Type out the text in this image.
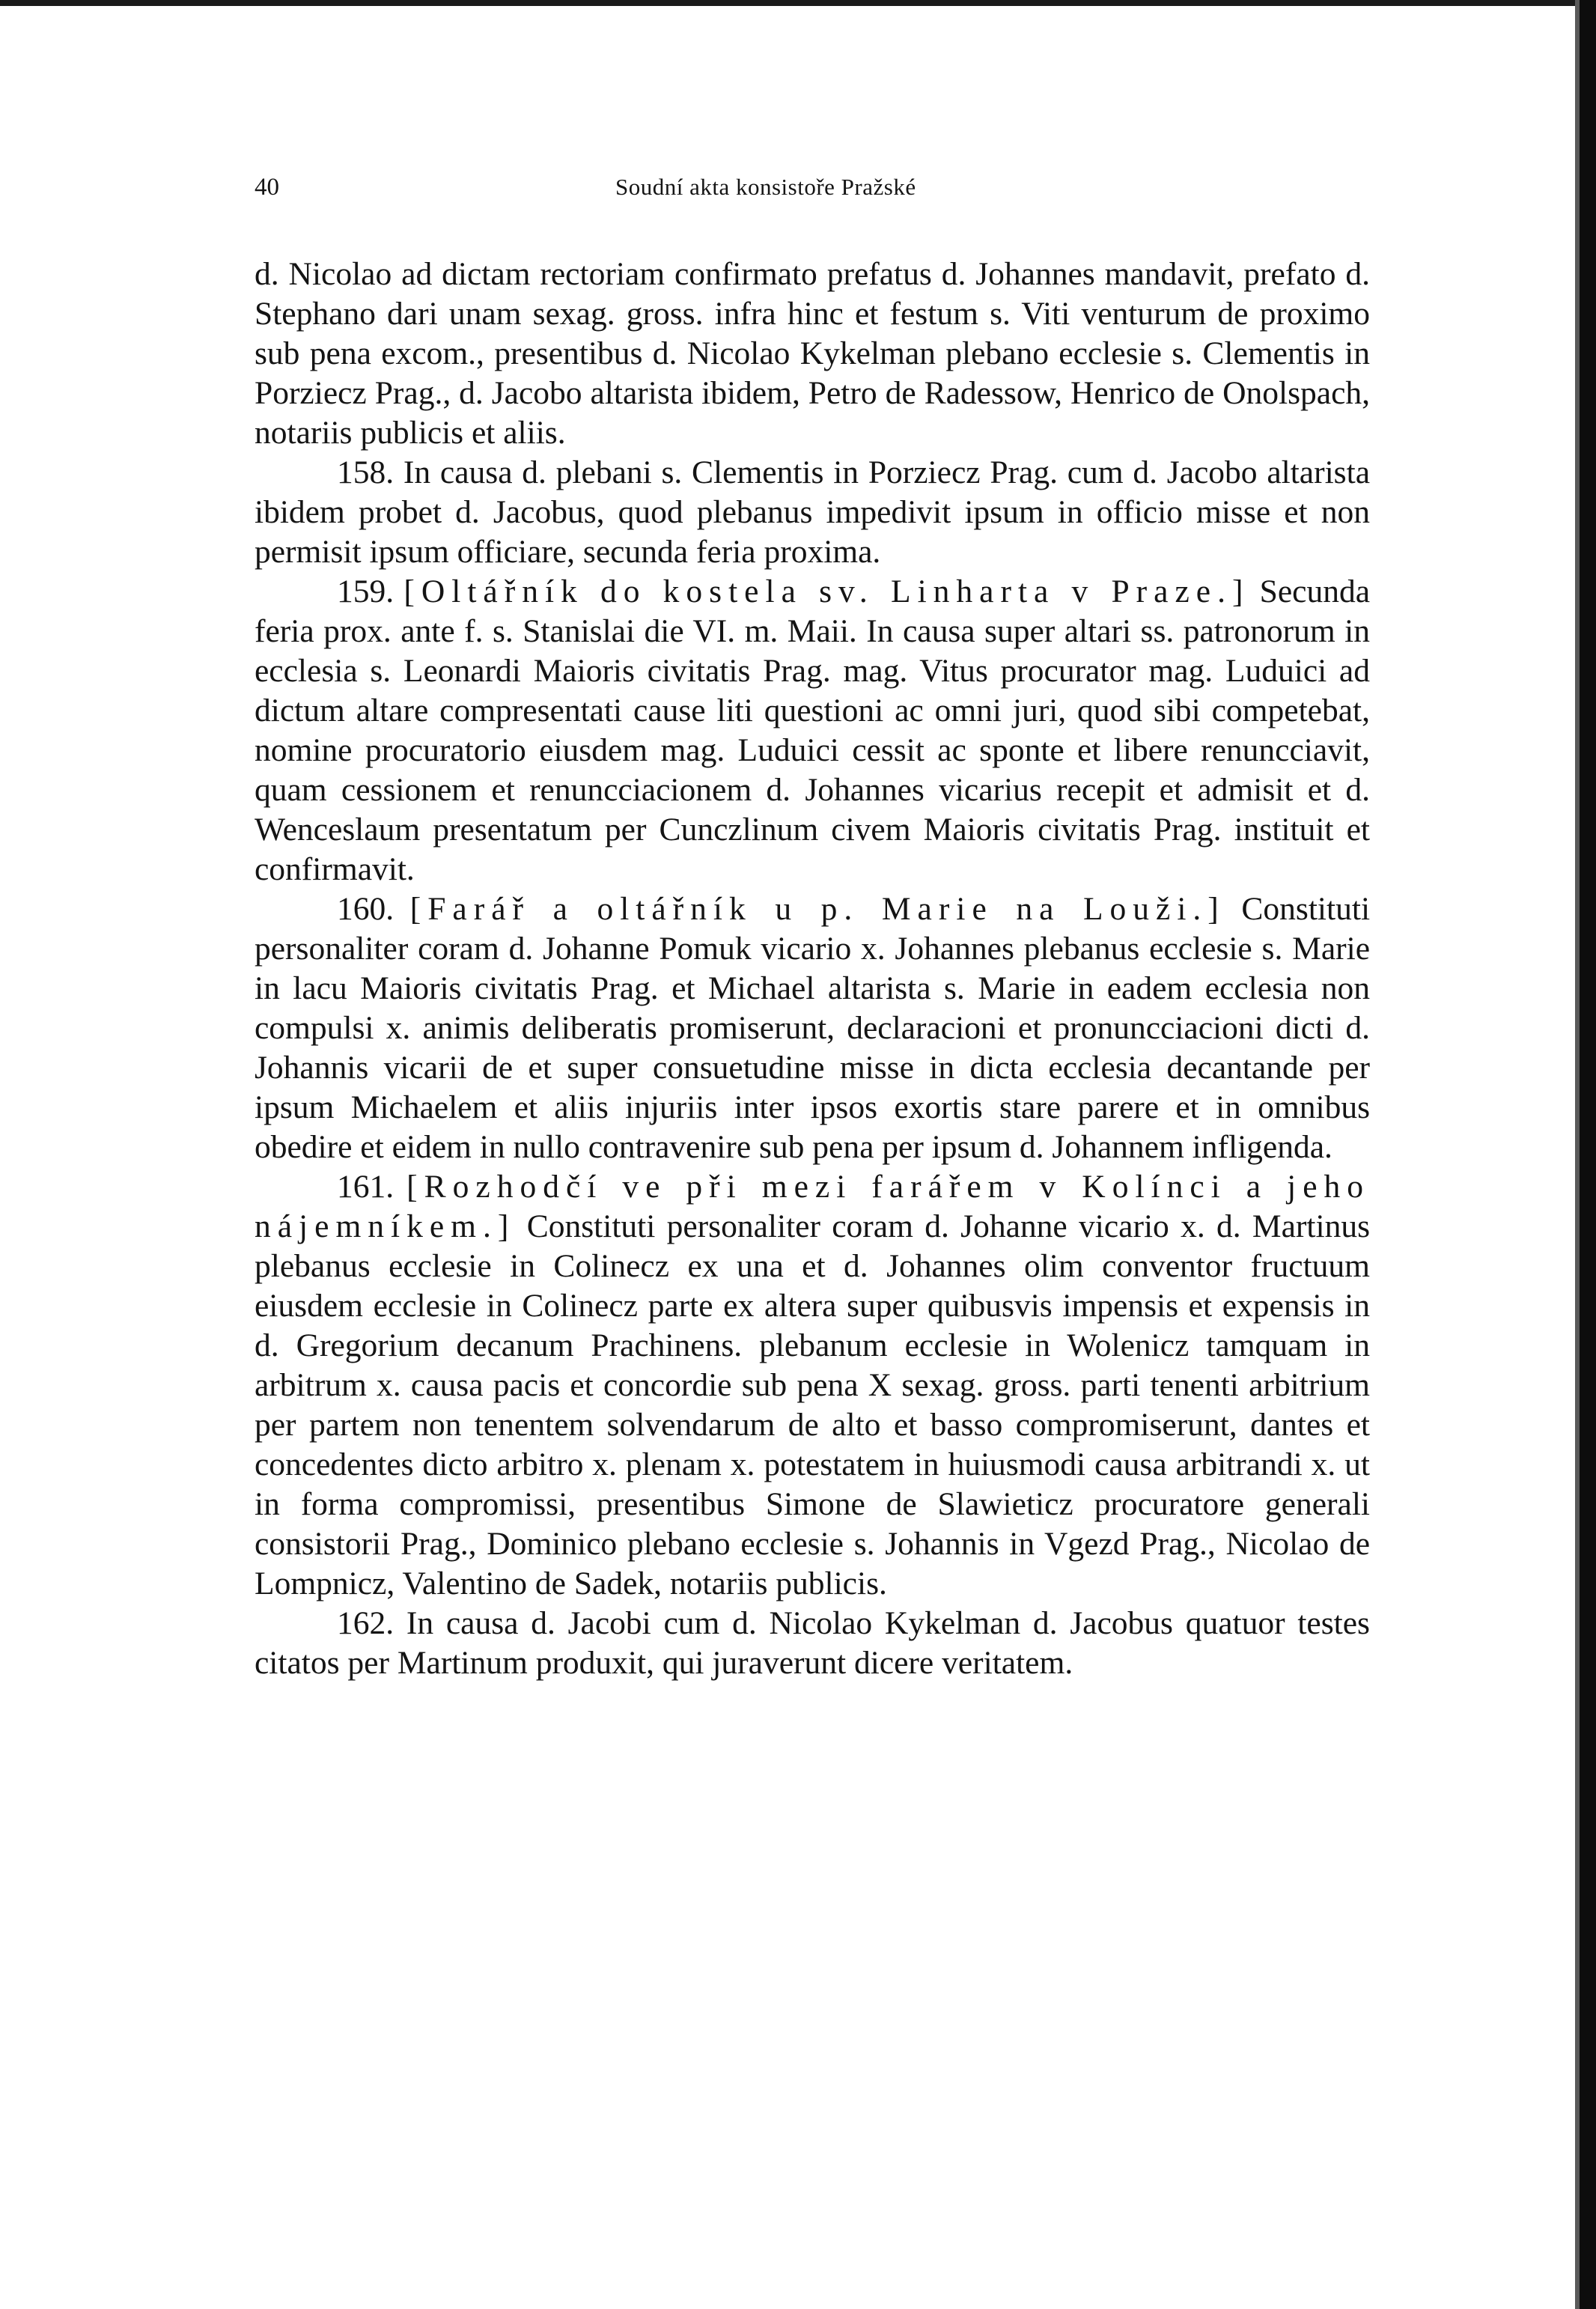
40	Soudní akta konsistoře Pražské

d. Nicolao ad dictam rectoriam confirmato prefatus d. Johannes mandavit, prefato d. Stephano dari unam sexag. gross. infra hinc et festum s. Viti venturum de proximo sub pena excom., presentibus d. Nicolao Kykelman plebano ecclesie s. Clementis in Porziecz Prag., d. Jacobo altarista ibidem, Petro de Radessow, Henrico de Onolspach, notariis publicis et aliis.

158. In causa d. plebani s. Clementis in Porziecz Prag. cum d. Jacobo altarista ibidem probet d. Jacobus, quod plebanus impedivit ipsum in officio misse et non permisit ipsum officiare, secunda feria proxima.

159. [Oltářník do kostela sv. Linharta v Praze.] Secunda feria prox. ante f. s. Stanislai die VI. m. Maii. In causa super altari ss. patronorum in ecclesia s. Leonardi Maioris civitatis Prag. mag. Vitus procurator mag. Luduici ad dictum altare compresentati cause liti questioni ac omni juri, quod sibi competebat, nomine procuratorio eiusdem mag. Luduici cessit ac sponte et libere renuncciavit, quam cessionem et renuncciacionem d. Johannes vicarius recepit et admisit et d. Wenceslaum presentatum per Cunczlinum civem Maioris civitatis Prag. instituit et confirmavit.

160. [Farář a oltářník u p. Marie na Louži.] Constituti personaliter coram d. Johanne Pomuk vicario x. Johannes plebanus ecclesie s. Marie in lacu Maioris civitatis Prag. et Michael altarista s. Marie in eadem ecclesia non compulsi x. animis deliberatis promiserunt, declaracioni et pronuncciacioni dicti d. Johannis vicarii de et super consuetudine misse in dicta ecclesia decantande per ipsum Michaelem et aliis injuriis inter ipsos exortis stare parere et in omnibus obedire et eidem in nullo contravenire sub pena per ipsum d. Johannem infligenda.

161. [Rozhodčí ve při mezi farářem v Kolínci a jeho nájemníkem.] Constituti personaliter coram d. Johanne vicario x. d. Martinus plebanus ecclesie in Colinecz ex una et d. Johannes olim conventor fructuum eiusdem ecclesie in Colinecz parte ex altera super quibusvis impensis et expensis in d. Gregorium decanum Prachinens. plebanum ecclesie in Wolenicz tamquam in arbitrum x. causa pacis et concordie sub pena X sexag. gross. parti tenenti arbitrium per partem non tenentem solvendarum de alto et basso compromiserunt, dantes et concedentes dicto arbitro x. plenam x. potestatem in huiusmodi causa arbitrandi x. ut in forma compromissi, presentibus Simone de Slawieticz procuratore generali consistorii Prag., Dominico plebano ecclesie s. Johannis in Vgezd Prag., Nicolao de Lompnicz, Valentino de Sadek, notariis publicis.

162. In causa d. Jacobi cum d. Nicolao Kykelman d. Jacobus quatuor testes citatos per Martinum produxit, qui juraverunt dicere veritatem.
